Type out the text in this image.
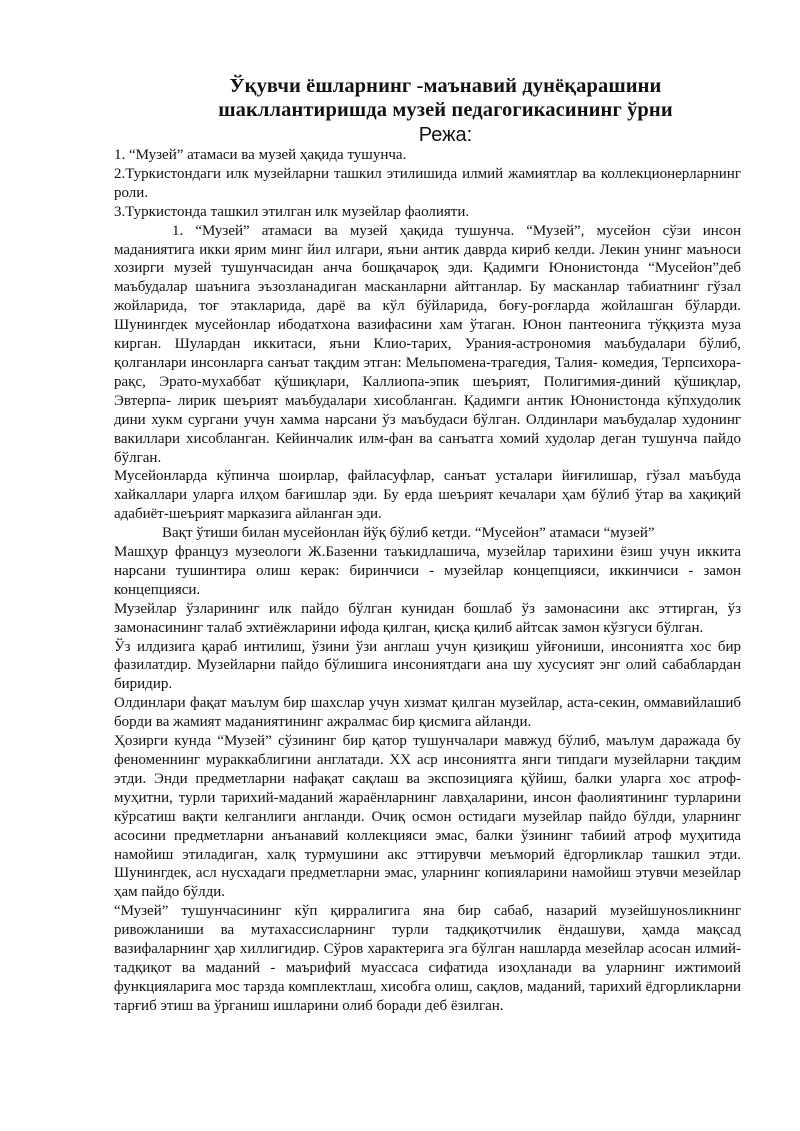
Ўқувчи ёшларнинг -маънавий дунёқарашини
шакллантиришда музей педагогикасининг ўрни
Режа:

1. “Музей” атамаси ва музей ҳақида тушунча.

2.Туркистондаги илк музейларни ташкил этилишида илмий жамиятлар ва коллекционерларнинг роли.

3.Туркистонда ташкил этилган илк музейлар фаолияти.

1. “Музей” атамаси ва музей ҳақида тушунча. “Музей”, мусейон сўзи инсон маданиятига икки ярим минг йил илгари, яъни антик даврда кириб келди. Лекин унинг маъноси хозирги музей тушунчасидан анча бошқачароқ эди. Қадимги Юнонистонда “Мусейон”деб маъбудалар шаънига эъзозланадиган масканларни айтганлар. Бу масканлар табиатнинг гўзал жойларида, тоғ этакларида, дарё ва кўл бўйларида, боғу-роғларда жойлашган бўларди. Шунингдек мусейонлар ибодатхона вазифасини хам ўтаган. Юнон пантеонига тўққизта муза кирган. Шулардан иккитаси, яъни Клио-тарих, Урания-астрономия маъбудалари бўлиб, қолганлари инсонларга санъат тақдим этган: Мельпомена-трагедия, Талия- комедия, Терпсихора-рақс, Эрато-мухаббат қўшиқлари, Каллиопа-эпик шеърият, Полигимия-диний қўшиқлар, Эвтерпа- лирик шеърият маъбудалари хисобланган. Қадимги антик Юнонистонда кўпхудолик дини хукм сургани учун хамма нарсани ўз маъбудаси бўлган. Олдинлари маъбудалар худонинг вакиллари хисобланган. Кейинчалик илм-фан ва санъатга хомий худолар деган тушунча пайдо бўлган.

Мусейонларда кўпинча шоирлар, файласуфлар, санъат усталари йиғилишар, гўзал маъбуда хайкаллари уларга илҳом бағишлар эди. Бу ерда шеърият кечалари ҳам бўлиб ўтар ва хақиқий адабиёт-шеърият марказига айланган эди.

Вақт ўтиши билан мусейонлан йўқ бўлиб кетди. “Мусейон” атамаси “музей”

Машҳур француз музеологи Ж.Базенни таъкидлашича, музейлар тарихини ёзиш учун иккита нарсани тушинтира олиш керак: биринчиси - музейлар концепцияси, иккинчиси - замон концепцияси.

Музейлар ўзларининг илк пайдо бўлган кунидан бошлаб ўз замонасини акс эттирган, ўз замонасининг талаб эхтиёжларини ифода қилган, қисқа қилиб айтсак замон кўзгуси бўлган.

Ўз илдизига қараб интилиш, ўзини ўзи англаш учун қизиқиш уйғониши, инсониятга хос бир фазилатдир. Музейларни пайдо бўлишига инсониятдаги ана шу хусусият энг олий сабаблардан биридир.

Олдинлари фақат маълум бир шахслар учун хизмат қилган музейлар, аста-секин, оммавийлашиб борди ва жамият маданиятининг ажралмас бир қисмига айланди.

Ҳозирги кунда “Музей” сўзининг бир қатор тушунчалари мавжуд бўлиб, маълум даражада бу феноменнинг мураккаблигини англатади. ХХ аср инсониятга янги типдаги музейларни тақдим этди. Энди предметларни нафақат сақлаш ва экспозицияга қўйиш, балки уларга хос атроф-муҳитни, турли тарихий-маданий жараёнларнинг лавҳаларини, инсон фаолиятининг турларини кўрсатиш вақти келганлиги англанди. Очиқ осмон остидаги музейлар пайдо бўлди, уларнинг асосини предметларни анъанавий коллекцияси эмас, балки ўзининг табиий атроф муҳитида намойиш этиладиган, халқ турмушини акс эттирувчи меъморий ёдгорликлар ташкил этди. Шунингдек, асл нусхадаги предметларни эмас, уларнинг копияларини намойиш этувчи мезейлар ҳам пайдо бўлди.

“Музей” тушунчасининг кўп қирралигига яна бир сабаб, назарий музейшунosликнинг ривожланиши ва мутахассисларнинг турли тадқиқотчилик ёндашуви, ҳамда мақсад вазифаларнинг ҳар хиллигидир. Сўров характерига эга бўлган нашларда мезейлар асосан илмий-тадқиқот ва маданий - маърифий муассаса сифатида изоҳланади ва уларнинг ижтимоий функцияларига мос тарзда комплектлаш, хисобга олиш, сақлов, маданий, тарихий ёдгорликларни тарғиб этиш ва ўрганиш ишларини олиб боради деб ёзилган.
